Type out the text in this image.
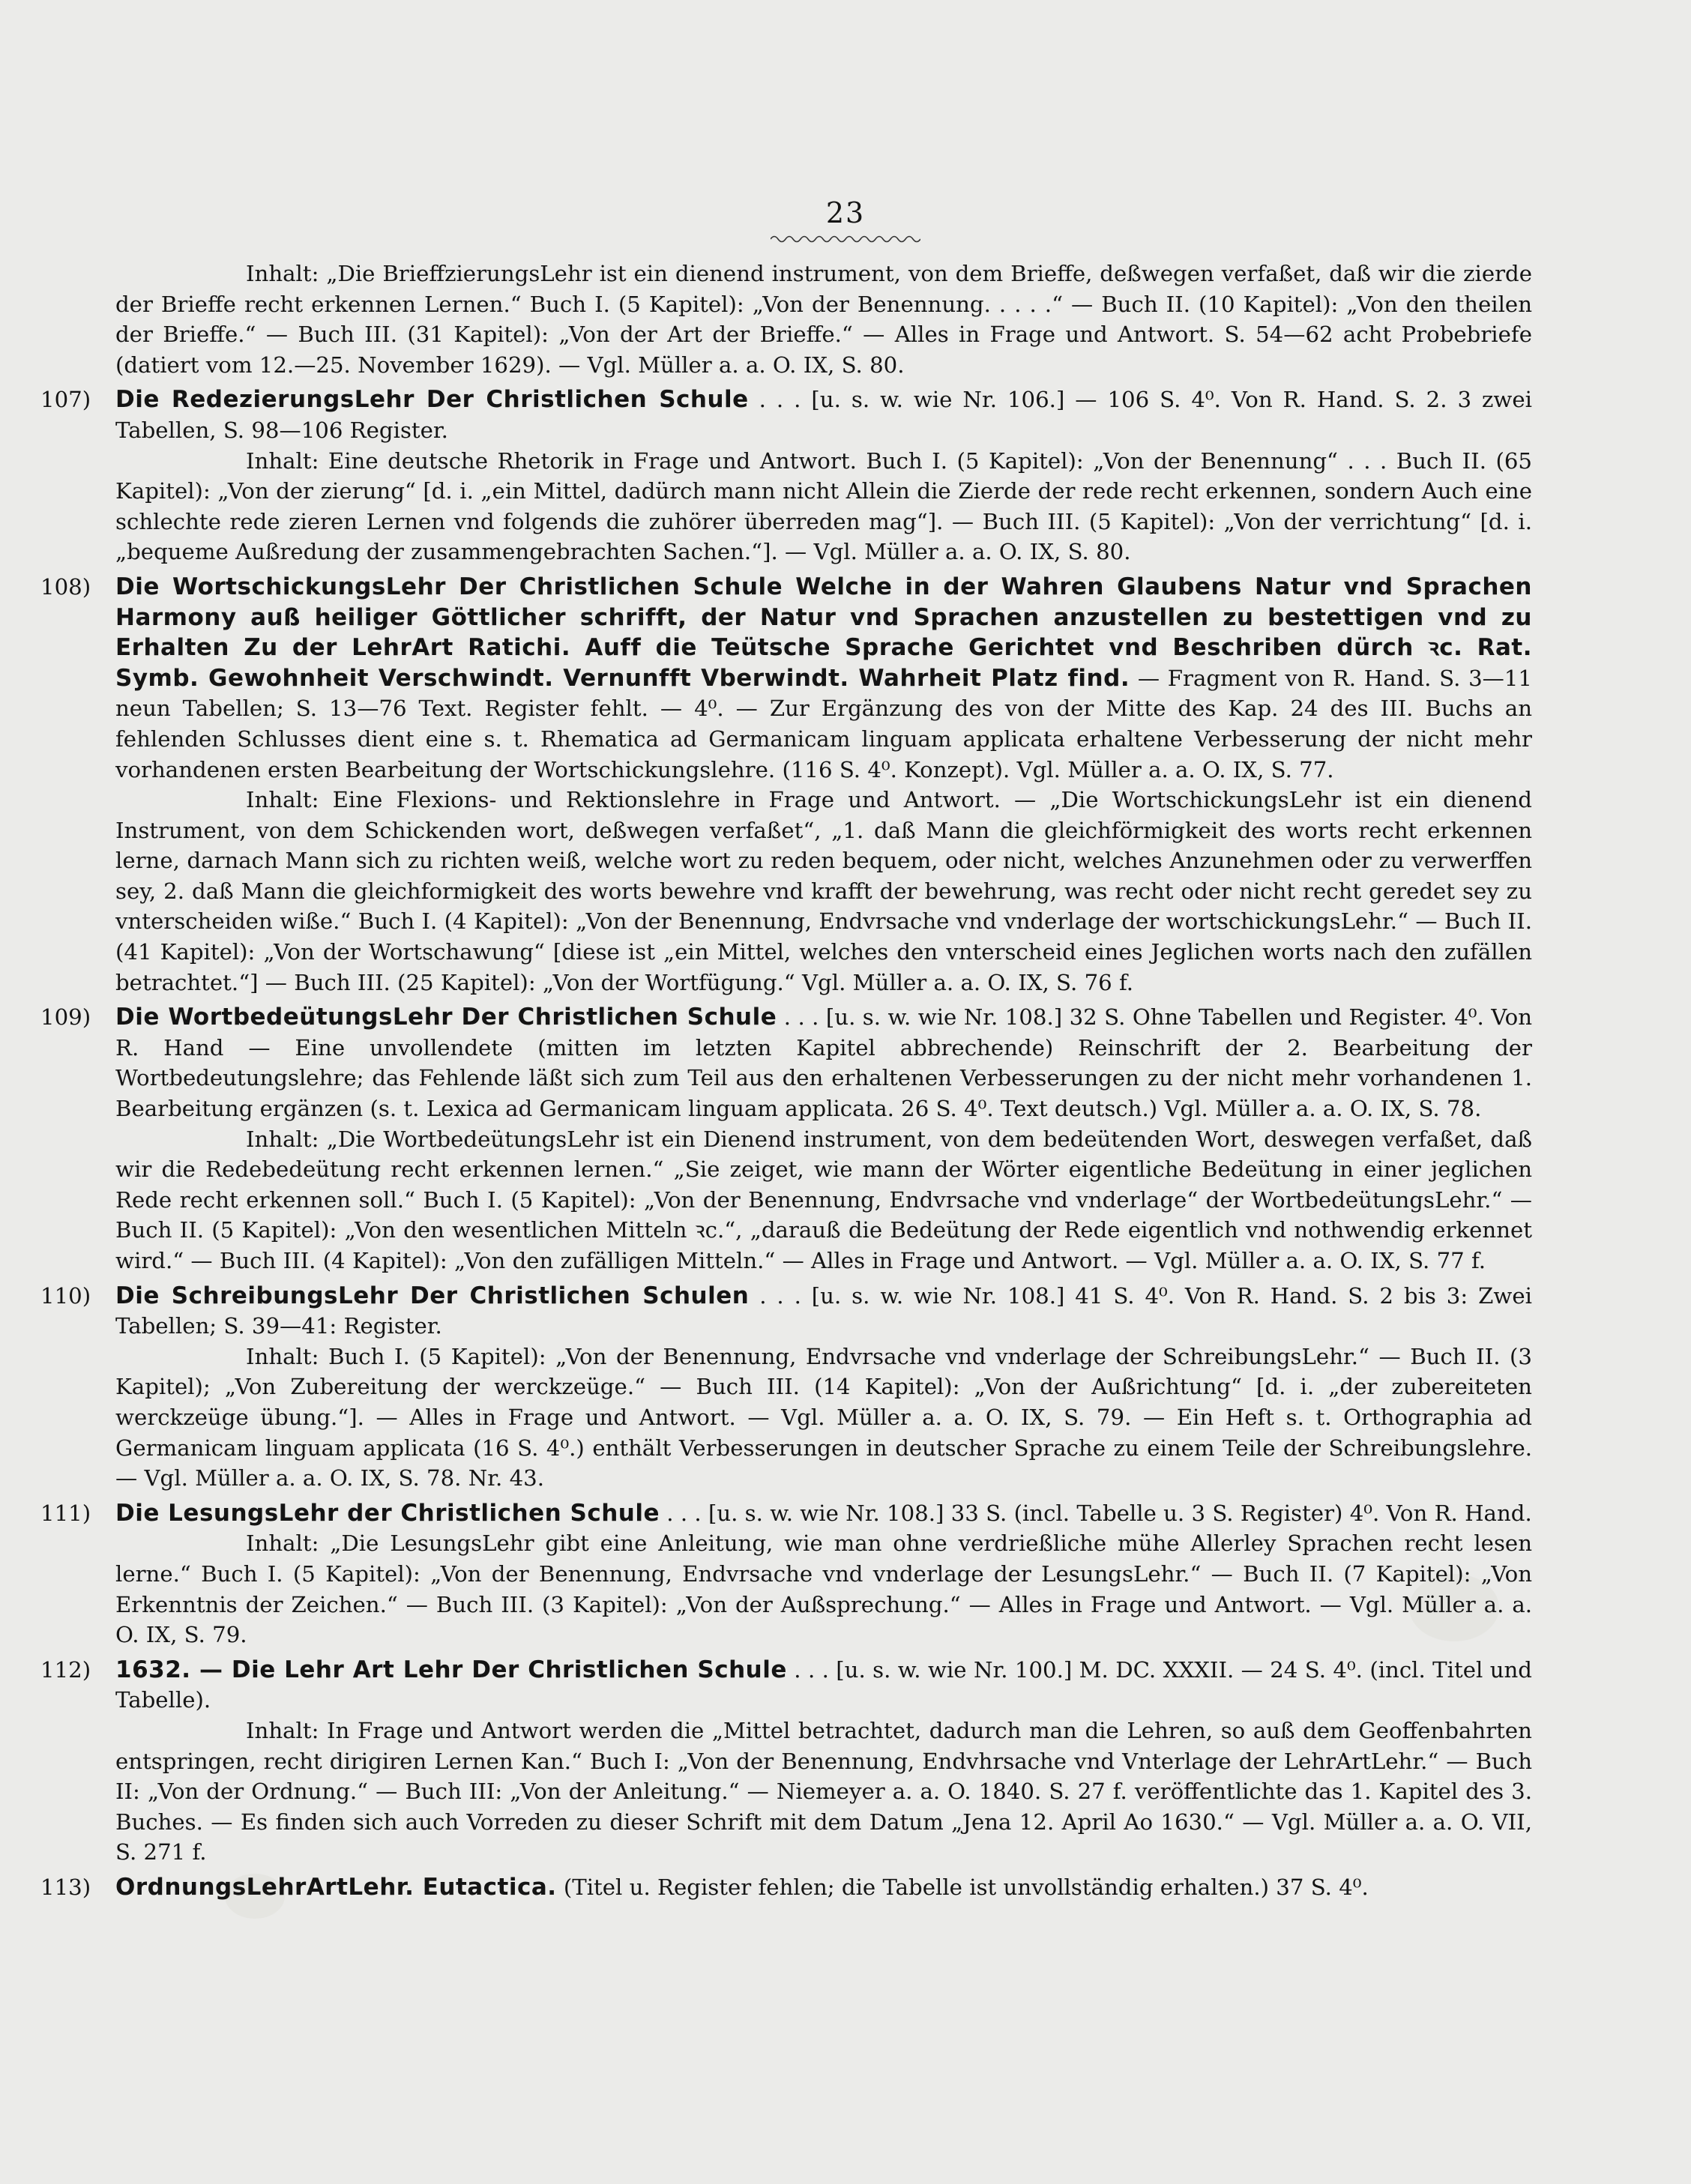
23

Inhalt: „Die BrieffzierungsLehr ist ein dienend instrument, von dem Brieffe, deßwegen verfaßet, daß wir die zierde der Brieffe recht erkennen Lernen.“ Buch I. (5 Kapitel): „Von der Benennung. . . . .“ — Buch II. (10 Kapitel): „Von den theilen der Brieffe.“ — Buch III. (31 Kapitel): „Von der Art der Brieffe.“ — Alles in Frage und Antwort. S. 54—62 acht Probebriefe (datiert vom 12.—25. November 1629). — Vgl. Müller a. a. O. IX, S. 80.

107) Die RedezierungsLehr Der Christlichen Schule . . . [u. s. w. wie Nr. 106.] — 106 S. 4⁰. Von R. Hand. S. 2. 3 zwei Tabellen, S. 98—106 Register.

Inhalt: Eine deutsche Rhetorik in Frage und Antwort. Buch I. (5 Kapitel): „Von der Benennung“ . . . Buch II. (65 Kapitel): „Von der zierung“ [d. i. „ein Mittel, dadürch mann nicht Allein die Zierde der rede recht erkennen, sondern Auch eine schlechte rede zieren Lernen vnd folgends die zuhörer überreden mag“]. — Buch III. (5 Kapitel): „Von der verrichtung“ [d. i. „bequeme Außredung der zusammengebrachten Sachen.“]. — Vgl. Müller a. a. O. IX, S. 80.

108) Die WortschickungsLehr Der Christlichen Schule Welche in der Wahren Glaubens Natur vnd Sprachen Harmony auß heiliger Göttlicher schrifft, der Natur vnd Sprachen anzustellen zu bestettigen vnd zu Erhalten Zu der LehrArt Ratichi. Auff die Teütsche Sprache Gerichtet vnd Beschriben dürch ꝛc. Rat. Symb. Gewohnheit Verschwindt. Vernunfft Vberwindt. Wahrheit Platz find. — Fragment von R. Hand. S. 3—11 neun Tabellen; S. 13—76 Text. Register fehlt. — 4⁰. — Zur Ergänzung des von der Mitte des Kap. 24 des III. Buchs an fehlenden Schlusses dient eine s. t. Rhematica ad Germanicam linguam applicata erhaltene Verbesserung der nicht mehr vorhandenen ersten Bearbeitung der Wortschickungslehre. (116 S. 4⁰. Konzept). Vgl. Müller a. a. O. IX, S. 77.

Inhalt: Eine Flexions- und Rektionslehre in Frage und Antwort. — „Die WortschickungsLehr ist ein dienend Instrument, von dem Schickenden wort, deßwegen verfaßet“, „1. daß Mann die gleichförmigkeit des worts recht erkennen lerne, darnach Mann sich zu richten weiß, welche wort zu reden bequem, oder nicht, welches Anzunehmen oder zu verwerffen sey, 2. daß Mann die gleichformigkeit des worts bewehre vnd krafft der bewehrung, was recht oder nicht recht geredet sey zu vnterscheiden wiße.“ Buch I. (4 Kapitel): „Von der Benennung, Endvrsache vnd vnderlage der wortschickungsLehr.“ — Buch II. (41 Kapitel): „Von der Wortschawung“ [diese ist „ein Mittel, welches den vnterscheid eines Jeglichen worts nach den zufällen betrachtet.“] — Buch III. (25 Kapitel): „Von der Wortfügung.“ Vgl. Müller a. a. O. IX, S. 76 f.

109) Die WortbedeütungsLehr Der Christlichen Schule . . . [u. s. w. wie Nr. 108.] 32 S. Ohne Tabellen und Register. 4⁰. Von R. Hand — Eine unvollendete (mitten im letzten Kapitel abbrechende) Reinschrift der 2. Bearbeitung der Wortbedeutungslehre; das Fehlende läßt sich zum Teil aus den erhaltenen Verbesserungen zu der nicht mehr vorhandenen 1. Bearbeitung ergänzen (s. t. Lexica ad Germanicam linguam applicata. 26 S. 4⁰. Text deutsch.) Vgl. Müller a. a. O. IX, S. 78.

Inhalt: „Die WortbedeütungsLehr ist ein Dienend instrument, von dem bedeütenden Wort, deswegen verfaßet, daß wir die Redebedeütung recht erkennen lernen.“ „Sie zeiget, wie mann der Wörter eigentliche Bedeütung in einer jeglichen Rede recht erkennen soll.“ Buch I. (5 Kapitel): „Von der Benennung, Endvrsache vnd vnderlage“ der WortbedeütungsLehr.“ — Buch II. (5 Kapitel): „Von den wesentlichen Mitteln ꝛc.“, „darauß die Bedeütung der Rede eigentlich vnd nothwendig erkennet wird.“ — Buch III. (4 Kapitel): „Von den zufälligen Mitteln.“ — Alles in Frage und Antwort. — Vgl. Müller a. a. O. IX, S. 77 f.

110) Die SchreibungsLehr Der Christlichen Schulen . . . [u. s. w. wie Nr. 108.] 41 S. 4⁰. Von R. Hand. S. 2 bis 3: Zwei Tabellen; S. 39—41: Register.

Inhalt: Buch I. (5 Kapitel): „Von der Benennung, Endvrsache vnd vnderlage der SchreibungsLehr.“ — Buch II. (3 Kapitel); „Von Zubereitung der werckzeüge.“ — Buch III. (14 Kapitel): „Von der Außrichtung“ [d. i. „der zubereiteten werckzeüge übung.“]. — Alles in Frage und Antwort. — Vgl. Müller a. a. O. IX, S. 79. — Ein Heft s. t. Orthographia ad Germanicam linguam applicata (16 S. 4⁰.) enthält Verbesserungen in deutscher Sprache zu einem Teile der Schreibungslehre. — Vgl. Müller a. a. O. IX, S. 78. Nr. 43.

111) Die LesungsLehr der Christlichen Schule . . . [u. s. w. wie Nr. 108.] 33 S. (incl. Tabelle u. 3 S. Register) 4⁰. Von R. Hand.

Inhalt: „Die LesungsLehr gibt eine Anleitung, wie man ohne verdrießliche mühe Allerley Sprachen recht lesen lerne.“ Buch I. (5 Kapitel): „Von der Benennung, Endvrsache vnd vnderlage der LesungsLehr.“ — Buch II. (7 Kapitel): „Von Erkenntnis der Zeichen.“ — Buch III. (3 Kapitel): „Von der Außsprechung.“ — Alles in Frage und Antwort. — Vgl. Müller a. a. O. IX, S. 79.

112) 1632. — Die Lehr Art Lehr Der Christlichen Schule . . . [u. s. w. wie Nr. 100.] M. DC. XXXII. — 24 S. 4⁰. (incl. Titel und Tabelle).

Inhalt: In Frage und Antwort werden die „Mittel betrachtet, dadurch man die Lehren, so auß dem Geoffenbahrten entspringen, recht dirigiren Lernen Kan.“ Buch I: „Von der Benennung, Endvhrsache vnd Vnterlage der LehrArtLehr.“ — Buch II: „Von der Ordnung.“ — Buch III: „Von der Anleitung.“ — Niemeyer a. a. O. 1840. S. 27 f. veröffentlichte das 1. Kapitel des 3. Buches. — Es finden sich auch Vorreden zu dieser Schrift mit dem Datum „Jena 12. April Ao 1630.“ — Vgl. Müller a. a. O. VII, S. 271 f.

113) OrdnungsLehrArtLehr. Eutactica. (Titel u. Register fehlen; die Tabelle ist unvollständig erhalten.) 37 S. 4⁰.
